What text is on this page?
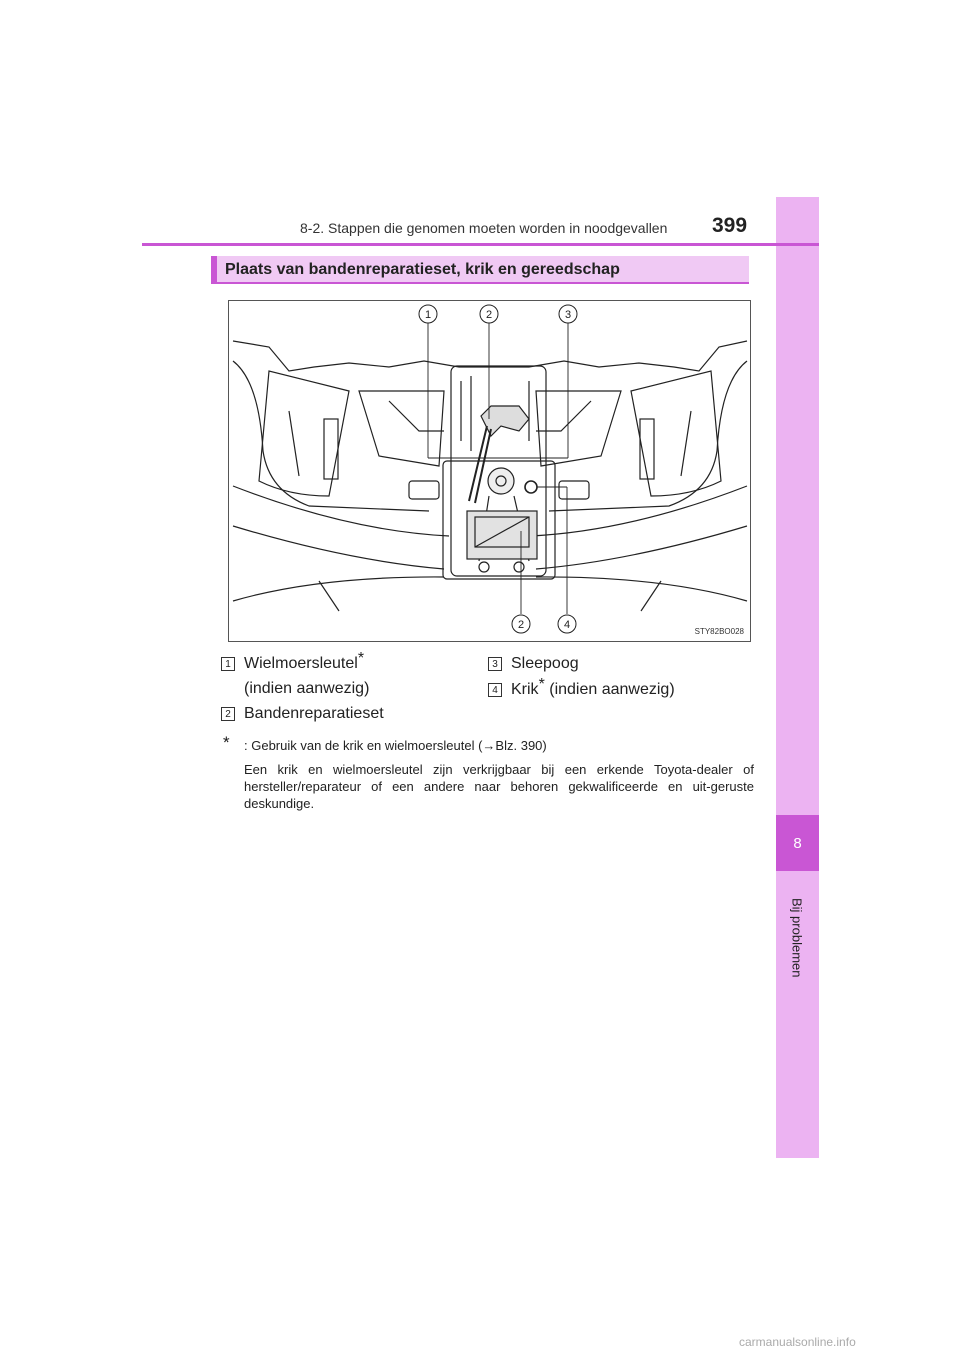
8
Bij problemen
8-2. Stappen die genomen moeten worden in noodgevallen 399
Plaats van bandenreparatieset, krik en gereedschap
1	2	3
2	4
STY82BO028
1 Wielmoersleutel*
(indien aanwezig)
2 Bandenreparatieset
3 Sleepoog
4 Krik* (indien aanwezig)
* : Gebruik van de krik en wielmoersleutel (→Blz. 390)
Een krik en wielmoersleutel zijn verkrijgbaar bij een erkende Toyota-dealer of hersteller/reparateur of een andere naar behoren gekwalificeerde en uit-geruste deskundige.
carmanualsonline.info
